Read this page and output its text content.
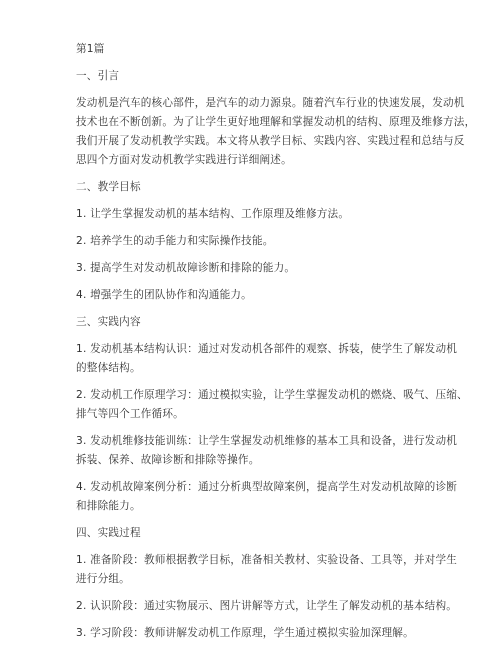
第1篇

一、引言

发动机是汽车的核心部件，是汽车的动力源泉。随着汽车行业的快速发展，发动机

技术也在不断创新。为了让学生更好地理解和掌握发动机的结构、原理及维修方法，

我们开展了发动机教学实践。本文将从教学目标、实践内容、实践过程和总结与反

思四个方面对发动机教学实践进行详细阐述。

二、教学目标

1. 让学生掌握发动机的基本结构、工作原理及维修方法。

2. 培养学生的动手能力和实际操作技能。

3. 提高学生对发动机故障诊断和排除的能力。

4. 增强学生的团队协作和沟通能力。

三、实践内容

1. 发动机基本结构认识：通过对发动机各部件的观察、拆装，使学生了解发动机

的整体结构。

2. 发动机工作原理学习：通过模拟实验，让学生掌握发动机的燃烧、吸气、压缩、

排气等四个工作循环。

3. 发动机维修技能训练：让学生掌握发动机维修的基本工具和设备，进行发动机

拆装、保养、故障诊断和排除等操作。

4. 发动机故障案例分析：通过分析典型故障案例，提高学生对发动机故障的诊断

和排除能力。

四、实践过程

1. 准备阶段：教师根据教学目标，准备相关教材、实验设备、工具等，并对学生

进行分组。

2. 认识阶段：通过实物展示、图片讲解等方式，让学生了解发动机的基本结构。

3. 学习阶段：教师讲解发动机工作原理，学生通过模拟实验加深理解。
